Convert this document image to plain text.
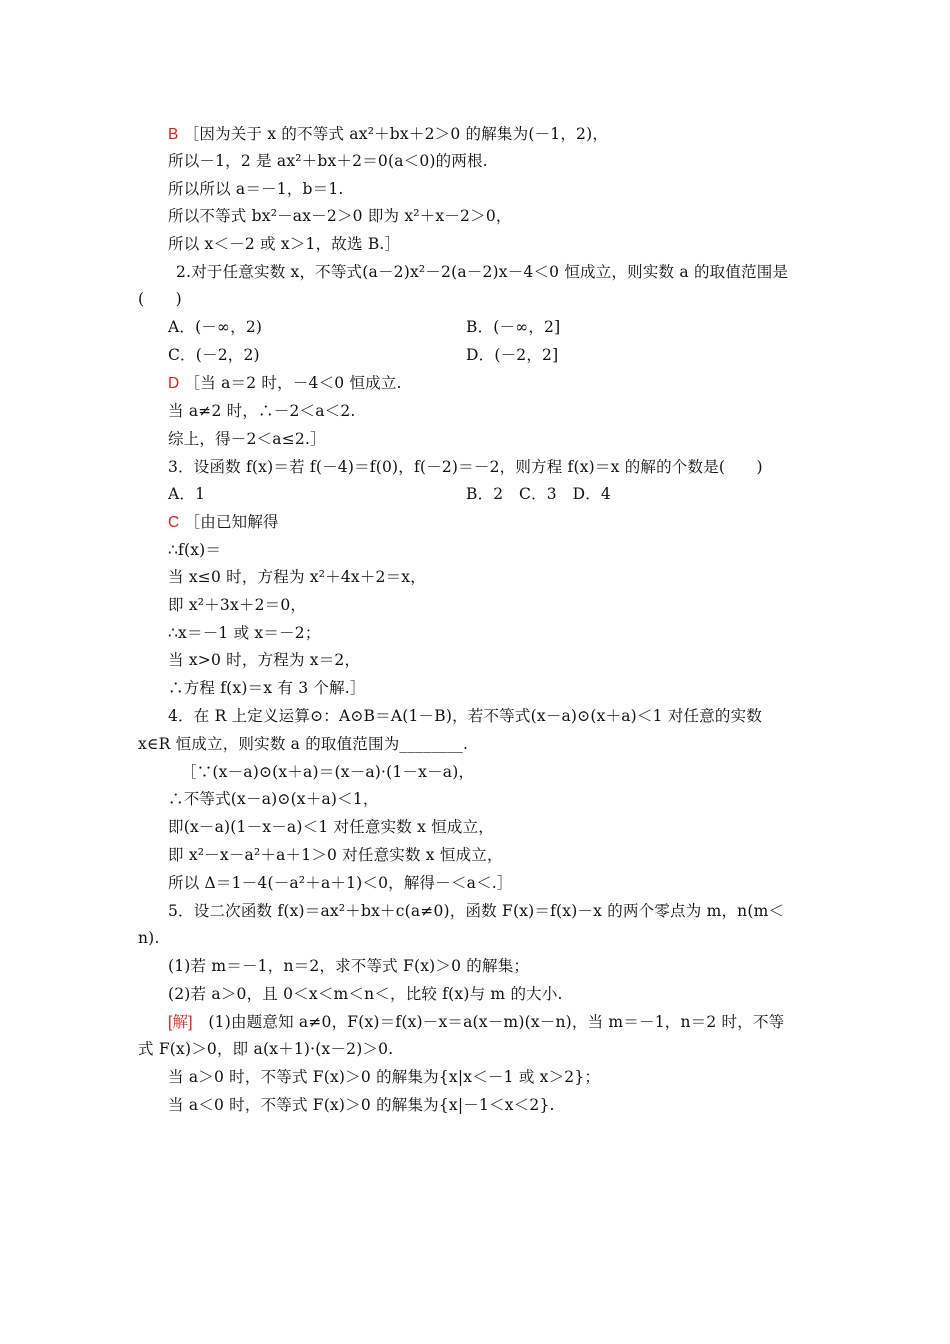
B ［因为关于 x 的不等式 ax²＋bx＋2＞0 的解集为(－1，2)，
所以－1，2 是 ax²＋bx＋2＝0(a＜0)的两根.
所以所以 a＝－1，b＝1.
所以不等式 bx²－ax－2＞0 即为 x²＋x－2＞0，
所以 x＜－2 或 x＞1，故选 B.］
2.对于任意实数 x，不等式(a－2)x²－2(a－2)x－4＜0 恒成立，则实数 a 的取值范围是
(　　)
A．(－∞，2)	B．(－∞，2]
C．(－2，2)	D．(－2，2]
D ［当 a＝2 时，－4＜0 恒成立.
当 a≠2 时，∴－2＜a＜2.
综上，得－2＜a≤2.］
3．设函数 f(x)＝若 f(－4)＝f(0)，f(－2)＝－2，则方程 f(x)＝x 的解的个数是(　　)
A．1	B．2　C．3　D．4
C ［由已知解得
∴f(x)＝
当 x≤0 时，方程为 x²＋4x＋2＝x，
即 x²＋3x＋2＝0，
∴x＝－1 或 x＝－2；
当 x>0 时，方程为 x＝2，
∴方程 f(x)＝x 有 3 个解.］
4．在 R 上定义运算⊙：A⊙B＝A(1－B)，若不等式(x－a)⊙(x＋a)＜1 对任意的实数
x∈R 恒成立，则实数 a 的取值范围为________.
［∵(x－a)⊙(x＋a)＝(x－a)·(1－x－a)，
∴不等式(x－a)⊙(x＋a)＜1，
即(x－a)(1－x－a)＜1 对任意实数 x 恒成立，
即 x²－x－a²＋a＋1＞0 对任意实数 x 恒成立，
所以 Δ＝1－4(－a²＋a＋1)＜0，解得－＜a＜.］
5．设二次函数 f(x)＝ax²＋bx＋c(a≠0)，函数 F(x)＝f(x)－x 的两个零点为 m，n(m＜
n).
(1)若 m＝－1，n＝2，求不等式 F(x)＞0 的解集；
(2)若 a＞0，且 0＜x＜m＜n＜，比较 f(x)与 m 的大小.
[解]　(1)由题意知 a≠0，F(x)＝f(x)－x＝a(x－m)(x－n)，当 m＝－1，n＝2 时，不等
式 F(x)＞0，即 a(x＋1)·(x－2)＞0.
当 a＞0 时，不等式 F(x)＞0 的解集为{x|x＜－1 或 x＞2}；
当 a＜0 时，不等式 F(x)＞0 的解集为{x|－1＜x＜2}.
